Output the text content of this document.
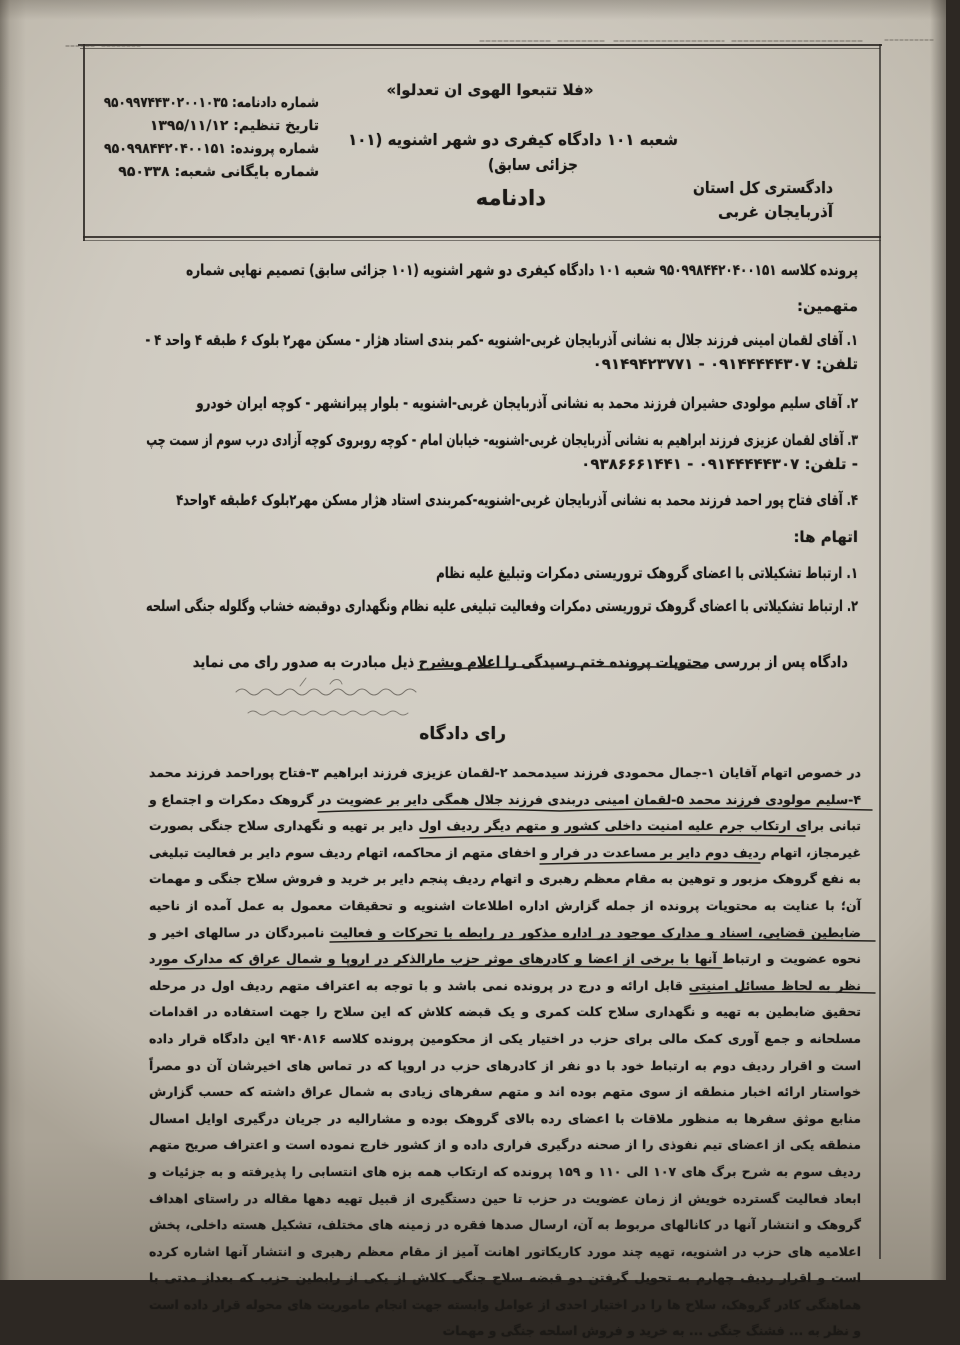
«فلا تتبعوا الهوی ان تعدلوا»
شماره دادنامه: ۹۵۰۹۹۷۴۴۳۰۲۰۰۱۰۳۵
تاریخ تنظیم: ۱۳۹۵/۱۱/۱۲
شماره پرونده: ۹۵۰۹۹۸۴۴۲۰۴۰۰۱۵۱
شماره بایگانی شعبه: ۹۵۰۳۳۸
شعبه ۱۰۱ دادگاه کیفری دو شهر اشنویه (۱۰۱
جزائی سابق)
دادنامه	دادگستری کل استان
آذربایجان غربی
پرونده کلاسه ۹۵۰۹۹۸۴۴۲۰۴۰۰۱۵۱ شعبه ۱۰۱ دادگاه کیفری دو شهر اشنویه (۱۰۱ جزائی سابق) تصمیم نهایی شماره
متهمین:
۱. آقای لقمان امینی فرزند جلال به نشانی آذربایجان غربی-اشنویه -کمر بندی استاد هژار - مسکن مهر۲ بلوک ۶ طبقه ۴ واحد ۴ -
تلفن: ۰۹۱۴۴۴۴۴۳۰۷ - ۰۹۱۴۹۴۲۳۷۷۱
۲. آقای سلیم مولودی حشیران فرزند محمد به نشانی آذربایجان غربی-اشنویه - بلوار پیرانشهر - کوچه ایران خودرو
۳. آقای لقمان عزیزی فرزند ابراهیم به نشانی آذربایجان غربی-اشنویه- خیابان امام - کوچه روبروی کوچه آزادی درب سوم از سمت چپ
- تلفن: ۰۹۱۴۴۴۴۴۳۰۷ - ۰۹۳۸۶۶۶۱۴۴۱
۴. آقای فتاح پور احمد فرزند محمد به نشانی آذربایجان غربی-اشنویه-کمربندی استاد هژار مسکن مهر۲بلوک ۶طبقه ۴واحد۴
اتهام ها:
۱. ارتباط تشکیلاتی با اعضای گروهک تروریستی دمکرات وتبلیغ علیه نظام
۲. ارتباط تشکیلاتی با اعضای گروهک تروریستی دمکرات وفعالیت تبلیغی علیه نظام ونگهداری دوقبضه خشاب وگلوله جنگی اسلحه
دادگاه پس از بررسی محتویات پرونده ختم رسیدگی را اعلام وبشرح ذیل مبادرت به صدور رای می نماید
رای دادگاه
در خصوص اتهام آقایان ۱-جمال محمودی فرزند سیدمحمد ۲-لقمان عزیزی فرزند ابراهیم ۳-فتاح پوراحمد فرزند محمد ۴-سلیم مولودی فرزند محمد ۵-لقمان امینی دربندی فرزند جلال همگی دایر بر عضویت در گروهک دمکرات و اجتماع و تبانی برای ارتکاب جرم علیه امنیت داخلی کشور و متهم دیگر ردیف اول دایر بر تهیه و نگهداری سلاح جنگی بصورت غیرمجاز، اتهام ردیف دوم دایر بر مساعدت در فرار و اخفای متهم از محاکمه، اتهام ردیف سوم دایر بر فعالیت تبلیغی به نفع گروهک مزبور و توهین به مقام معظم رهبری و اتهام ردیف پنجم دایر بر خرید و فروش سلاح جنگی و مهمات آن؛ با عنایت به محتویات پرونده از جمله گزارش اداره اطلاعات اشنویه و تحقیقات معمول به عمل آمده از ناحیه ضابطین قضایی، اسناد و مدارک موجود در اداره مذکور در رابطه با تحرکات و فعالیت نامبردگان در سالهای اخیر و نحوه عضویت و ارتباط آنها با برخی از اعضا و کادرهای موثر حزب مارالذکر در اروپا و شمال عراق که مدارک مورد نظر به لحاظ مسائل امنیتی قابل ارائه و درج در پرونده نمی باشد و با توجه به اعتراف متهم ردیف اول در مرحله تحقیق ضابطین به تهیه و نگهداری سلاح کلت کمری و یک قبضه کلاش که این سلاح را جهت استفاده در اقدامات مسلحانه و جمع آوری کمک مالی برای حزب در اختیار یکی از محکومین پرونده کلاسه ۹۴۰۸۱۶ این دادگاه قرار داده است و اقرار ردیف دوم به ارتباط خود با دو نفر از کادرهای حزب در اروپا که در تماس های اخیرشان آن دو مصراً خواستار ارائه اخبار منطقه از سوی متهم بوده اند و متهم سفرهای زیادی به شمال عراق داشته که حسب گزارش منابع موثق سفرها به منظور ملاقات با اعضای رده بالای گروهک بوده و مشارالیه در جریان درگیری اوایل امسال منطقه یکی از اعضای تیم نفوذی را از صحنه درگیری فراری داده و از کشور خارج نموده است و اعتراف صریح متهم ردیف سوم به شرح برگ های ۱۰۷ الی ۱۱۰ و ۱۵۹ پرونده که ارتکاب همه بزه های انتسابی را پذیرفته و به جزئیات و ابعاد فعالیت گسترده خویش از زمان عضویت در حزب تا حین دستگیری از قبیل تهیه دهها مقاله در راستای اهداف گروهک و انتشار آنها در کانالهای مربوط به آن، ارسال صدها فقره در زمینه های مختلف، تشکیل هسته داخلی، پخش اعلامیه های حزب در اشنویه، تهیه چند مورد کاریکاتور اهانت آمیز از مقام معظم رهبری و انتشار آنها اشاره کرده است و اقرار ردیف چهارم به تحویل گرفتن دو قبضه سلاح جنگی کلاش از یکی از رابطین حزب که بعداز مدتی با هماهنگی کادر گروهک، سلاح ها را در اختیار احدی از عوامل وابسته جهت انجام ماموریت های محوله قرار داده است و نظر به ... فشنگ جنگی ... به خرید و فروش اسلحه جنگی و مهمات
